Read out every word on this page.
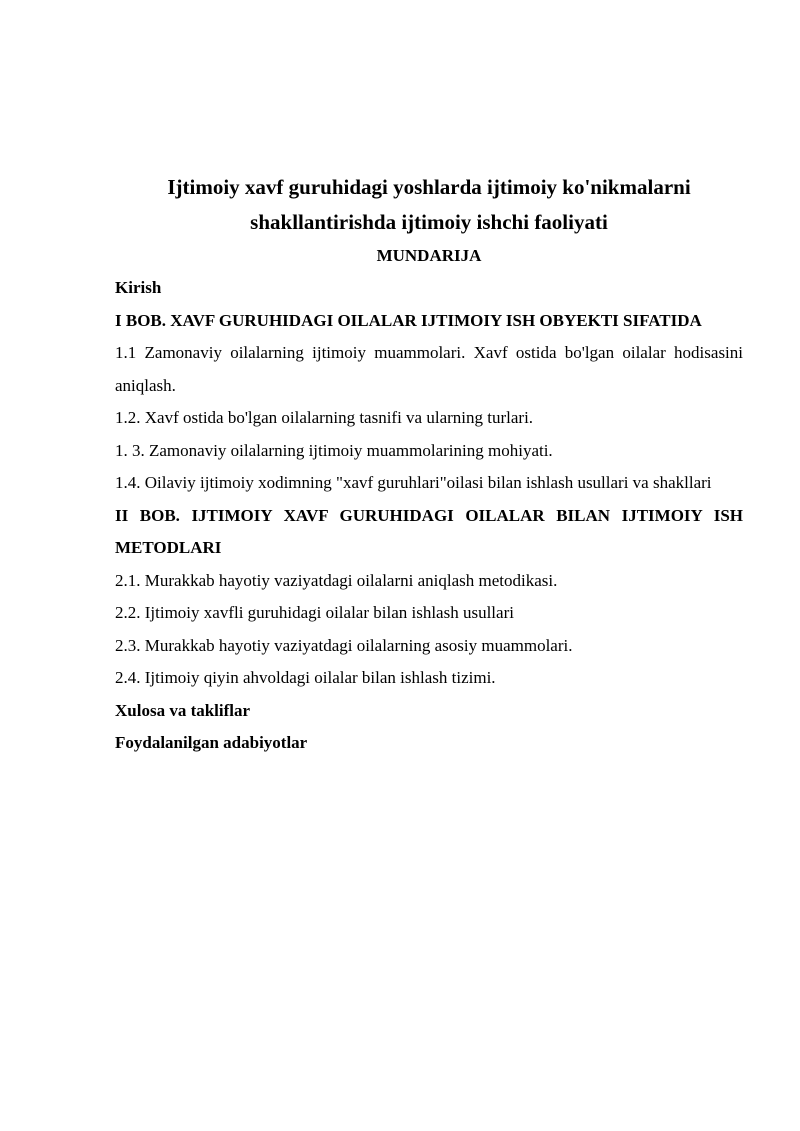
Ijtimoiy xavf guruhidagi yoshlarda ijtimoiy ko'nikmalarni
shakllantirishda ijtimoiy ishchi faoliyati

MUNDARIJA

Kirish

I BOB. XAVF GURUHIDAGI OILALAR IJTIMOIY ISH OBYEKTI SIFATIDA

1.1 Zamonaviy oilalarning ijtimoiy muammolari. Xavf ostida bo'lgan oilalar hodisasini aniqlash.

1.2. Xavf ostida bo'lgan oilalarning tasnifi va ularning turlari.

1. 3. Zamonaviy oilalarning ijtimoiy muammolarining mohiyati.

1.4. Oilaviy ijtimoiy xodimning "xavf guruhlari"oilasi bilan ishlash usullari va shakllari

II BOB. IJTIMOIY XAVF GURUHIDAGI OILALAR BILAN IJTIMOIY ISH METODLARI

2.1. Murakkab hayotiy vaziyatdagi oilalarni aniqlash metodikasi.

2.2. Ijtimoiy xavfli guruhidagi oilalar bilan ishlash usullari

2.3. Murakkab hayotiy vaziyatdagi oilalarning asosiy muammolari.

2.4. Ijtimoiy qiyin ahvoldagi oilalar bilan ishlash tizimi.

Xulosa va takliflar

Foydalanilgan adabiyotlar
